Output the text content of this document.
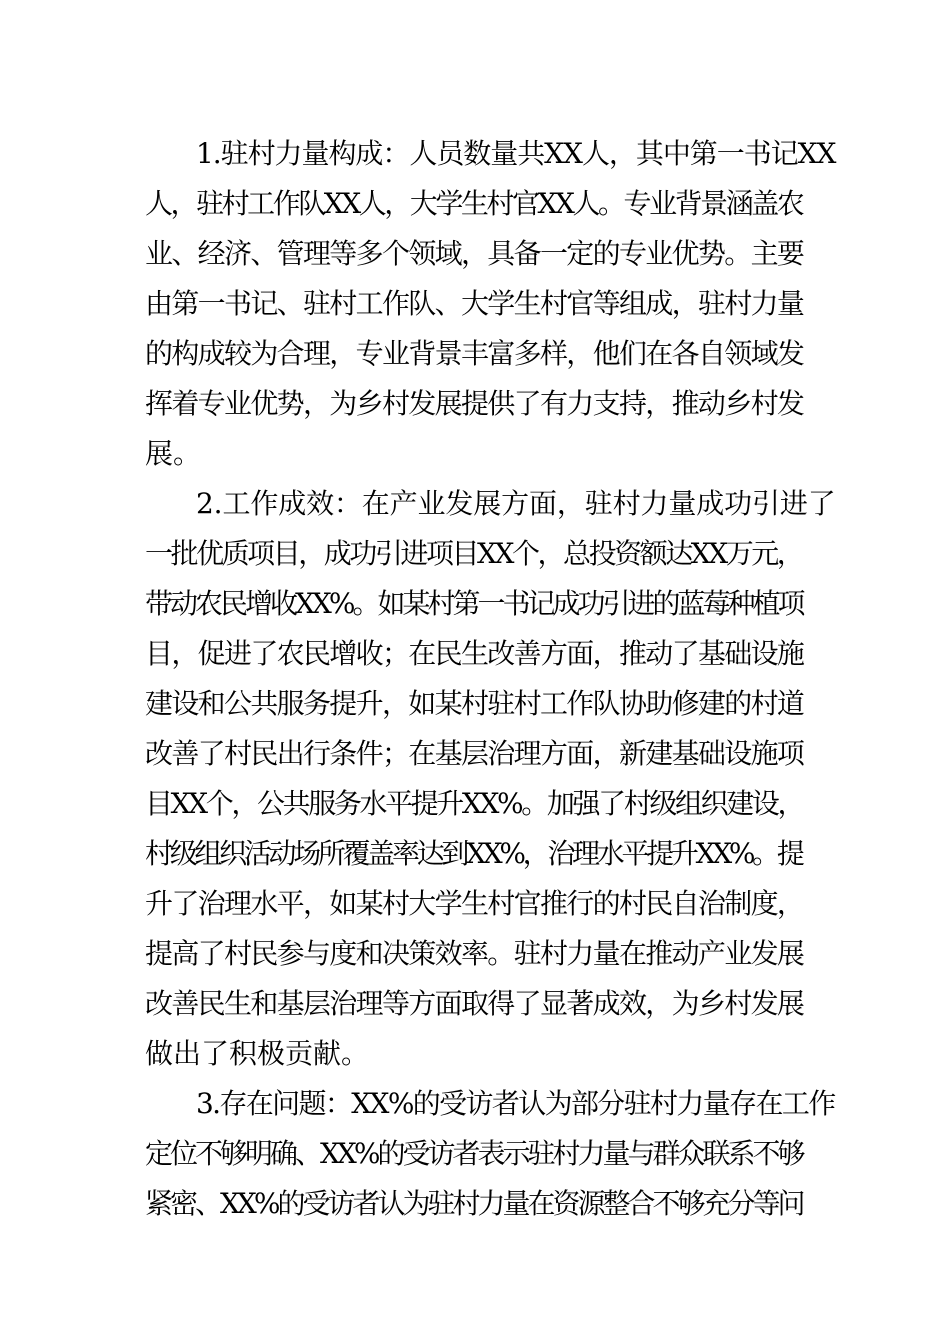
1.驻村力量构成：人员数量共XX人，其中第一书记XX
人，驻村工作队XX人，大学生村官XX人。专业背景涵盖农
业、经济、管理等多个领域，具备一定的专业优势。主要
由第一书记、驻村工作队、大学生村官等组成，驻村力量
的构成较为合理，专业背景丰富多样，他们在各自领域发
挥着专业优势，为乡村发展提供了有力支持，推动乡村发
展。
2.工作成效：在产业发展方面，驻村力量成功引进了
一批优质项目，成功引进项目XX个，总投资额达XX万元，
带动农民增收XX%。如某村第一书记成功引进的蓝莓种植项
目，促进了农民增收；在民生改善方面，推动了基础设施
建设和公共服务提升，如某村驻村工作队协助修建的村道
改善了村民出行条件；在基层治理方面，新建基础设施项
目XX个，公共服务水平提升XX%。加强了村级组织建设，
村级组织活动场所覆盖率达到XX%，治理水平提升XX%。提
升了治理水平，如某村大学生村官推行的村民自治制度，
提高了村民参与度和决策效率。驻村力量在推动产业发展
改善民生和基层治理等方面取得了显著成效，为乡村发展
做出了积极贡献。
3.存在问题：XX%的受访者认为部分驻村力量存在工作
定位不够明确、XX%的受访者表示驻村力量与群众联系不够
紧密、XX%的受访者认为驻村力量在资源整合不够充分等问
